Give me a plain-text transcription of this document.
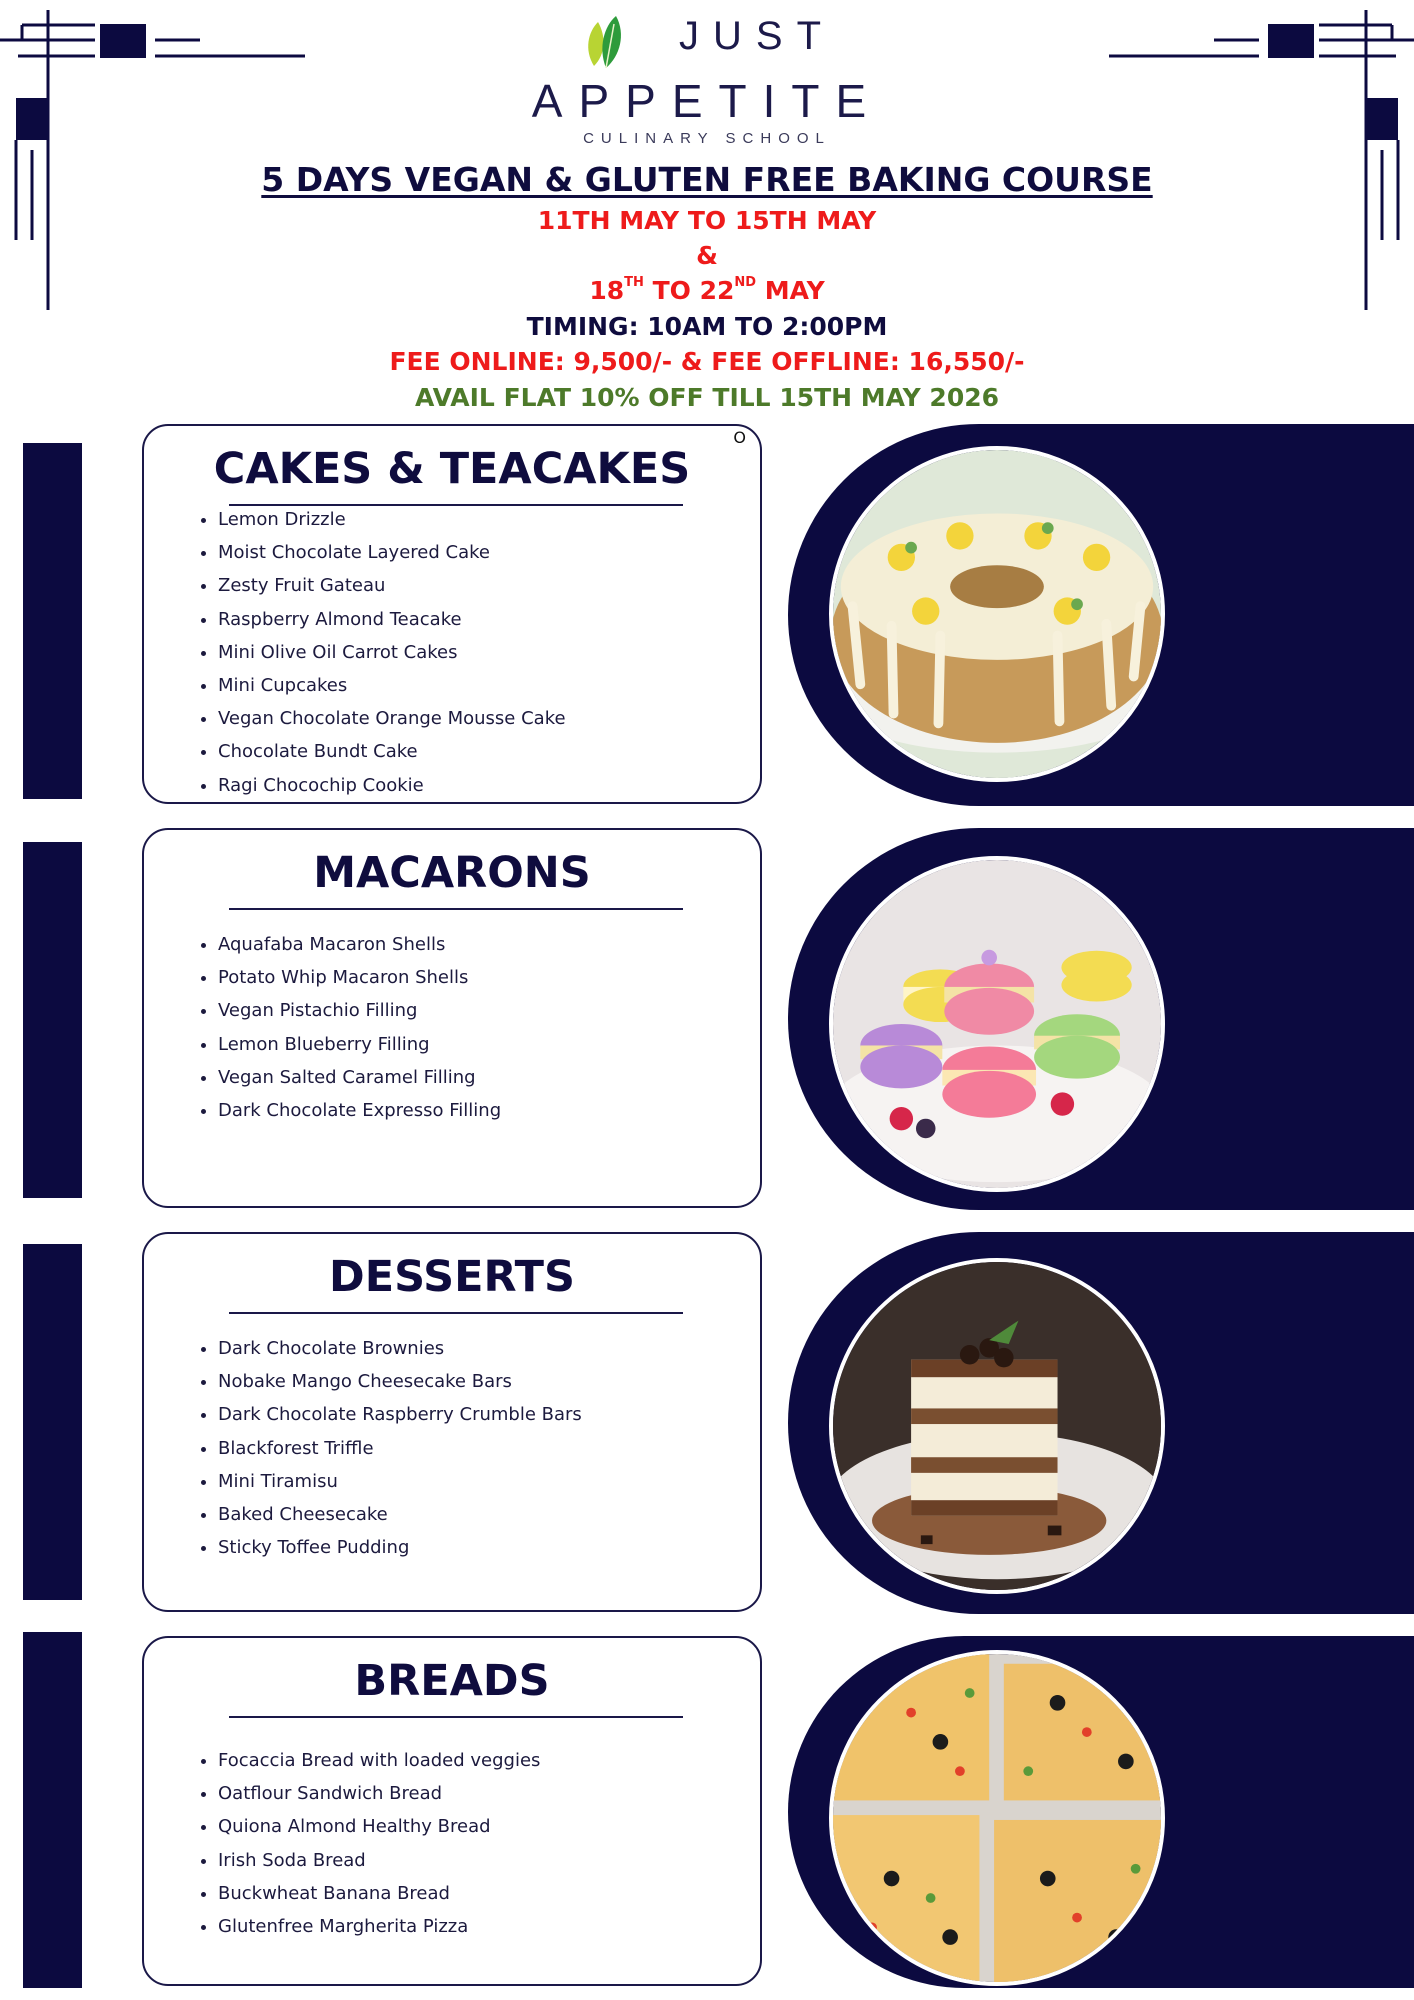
JUST
APPETITE
CULINARY SCHOOL
5 DAYS VEGAN & GLUTEN FREE BAKING COURSE
11TH MAY TO 15TH MAY
&
18TH TO 22ND MAY
TIMING: 10AM TO 2:00PM
FEE ONLINE: 9,500/- & FEE OFFLINE: 16,550/-
AVAIL FLAT 10% OFF TILL 15TH MAY 2026
O
CAKES & TEACAKES
• Lemon Drizzle
• Moist Chocolate Layered Cake
• Zesty Fruit Gateau
• Raspberry Almond Teacake
• Mini Olive Oil Carrot Cakes
• Mini Cupcakes
• Vegan Chocolate Orange Mousse Cake
• Chocolate Bundt Cake
• Ragi Chocochip Cookie
MACARONS
• Aquafaba Macaron Shells
• Potato Whip Macaron Shells
• Vegan Pistachio Filling
• Lemon Blueberry Filling
• Vegan Salted Caramel Filling
• Dark Chocolate Expresso Filling
DESSERTS
• Dark Chocolate Brownies
• Nobake Mango Cheesecake Bars
• Dark Chocolate Raspberry Crumble Bars
• Blackforest Triffle
• Mini Tiramisu
• Baked Cheesecake
• Sticky Toffee Pudding
BREADS
• Focaccia Bread with loaded veggies
• Oatflour Sandwich Bread
• Quiona Almond Healthy Bread
• Irish Soda Bread
• Buckwheat Banana Bread
• Glutenfree Margherita Pizza
